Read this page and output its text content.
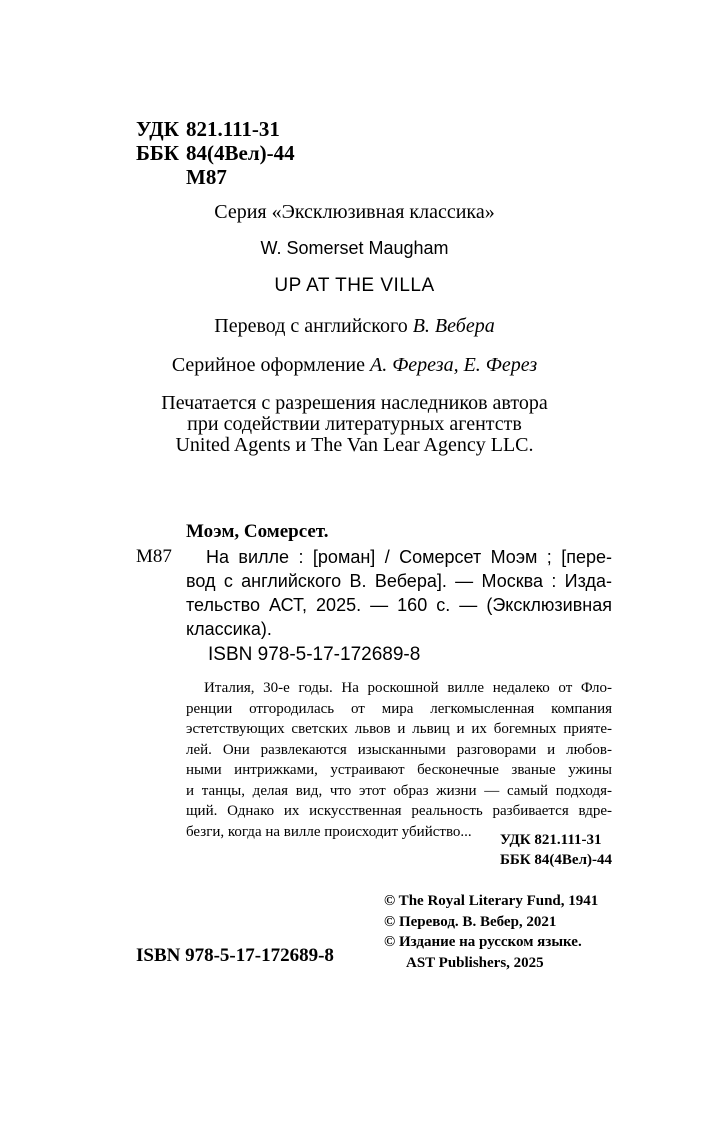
УДК 821.111-31
ББК 84(4Вел)-44
М87
Серия «Эксклюзивная классика»
W. Somerset Maugham
UP AT THE VILLA
Перевод с английского В. Вебера
Серийное оформление А. Фереза, Е. Ферез
Печатается с разрешения наследников автора
при содействии литературных агентств
United Agents и The Van Lear Agency LLC.
Моэм, Сомерсет.
М87	На вилле : [роман] / Сомерсет Моэм ; [пере-
вод с английского В. Вебера]. — Москва : Изда-
тельство АСТ, 2025. — 160 с. — (Эксклюзивная
классика).
ISBN 978-5-17-172689-8
Италия, 30-е годы. На роскошной вилле недалеко от Фло-
ренции отгородилась от мира легкомысленная компания
эстетствующих светских львов и львиц и их богемных прияте-
лей. Они развлекаются изысканными разговорами и любов-
ными интрижками, устраивают бесконечные званые ужины
и танцы, делая вид, что этот образ жизни — самый подходя-
щий. Однако их искусственная реальность разбивается вдре-
безги, когда на вилле происходит убийство...
УДК 821.111-31
ББК 84(4Вел)-44
© The Royal Literary Fund, 1941
© Перевод. В. Вебер, 2021
© Издание на русском языке.
AST Publishers, 2025
ISBN 978-5-17-172689-8
